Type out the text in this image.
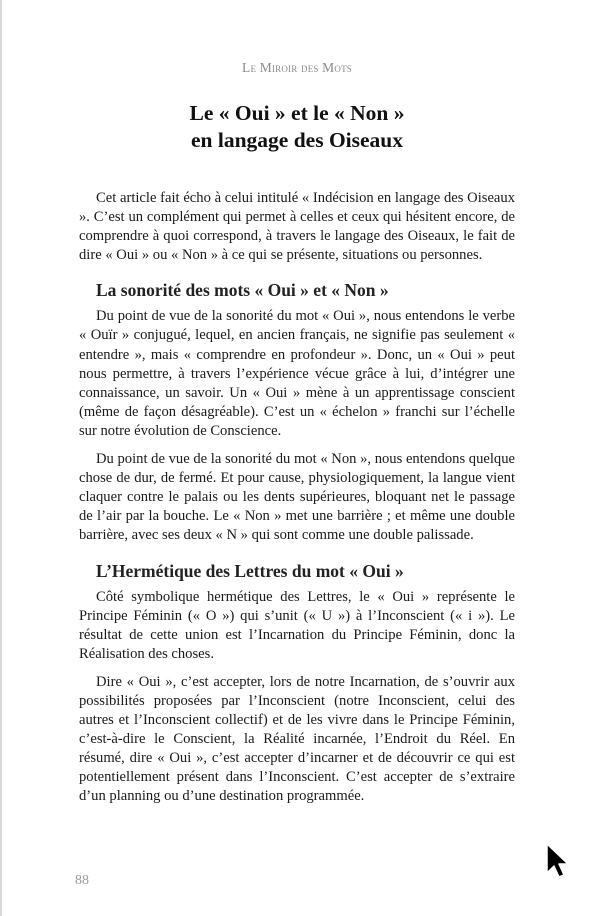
Le Miroir des Mots
Le « Oui » et le « Non »
en langage des Oiseaux

Cet article fait écho à celui intitulé « Indécision en langage des Oiseaux ». C’est un complément qui permet à celles et ceux qui hésitent encore, de comprendre à quoi correspond, à travers le langage des Oiseaux, le fait de dire « Oui » ou « Non » à ce qui se présente, situations ou personnes.

La sonorité des mots « Oui » et « Non »

Du point de vue de la sonorité du mot « Oui », nous entendons le verbe « Ouïr » conjugué, lequel, en ancien français, ne signifie pas seulement « entendre », mais « comprendre en profondeur ». Donc, un « Oui » peut nous permettre, à travers l’expérience vécue grâce à lui, d’intégrer une connaissance, un savoir. Un « Oui » mène à un apprentissage conscient (même de façon désagréable). C’est un « échelon » franchi sur l’échelle sur notre évolution de Conscience.

Du point de vue de la sonorité du mot « Non », nous entendons quelque chose de dur, de fermé. Et pour cause, physiologiquement, la langue vient claquer contre le palais ou les dents supérieures, bloquant net le passage de l’air par la bouche. Le « Non » met une barrière ; et même une double barrière, avec ses deux « N » qui sont comme une double palissade.

L’Hermétique des Lettres du mot « Oui »

Côté symbolique hermétique des Lettres, le « Oui » représente le Principe Féminin (« O ») qui s’unit (« U ») à l’Inconscient (« i »). Le résultat de cette union est l’Incarnation du Principe Féminin, donc la Réalisation des choses.

Dire « Oui », c’est accepter, lors de notre Incarnation, de s’ouvrir aux possibilités proposées par l’Inconscient (notre Inconscient, celui des autres et l’Inconscient collectif) et de les vivre dans le Principe Féminin, c’est-à-dire le Conscient, la Réalité incarnée, l’Endroit du Réel. En résumé, dire « Oui », c’est accepter d’incarner et de découvrir ce qui est potentiellement présent dans l’Inconscient. C’est accepter de s’extraire d’un planning ou d’une destination programmée.

88
